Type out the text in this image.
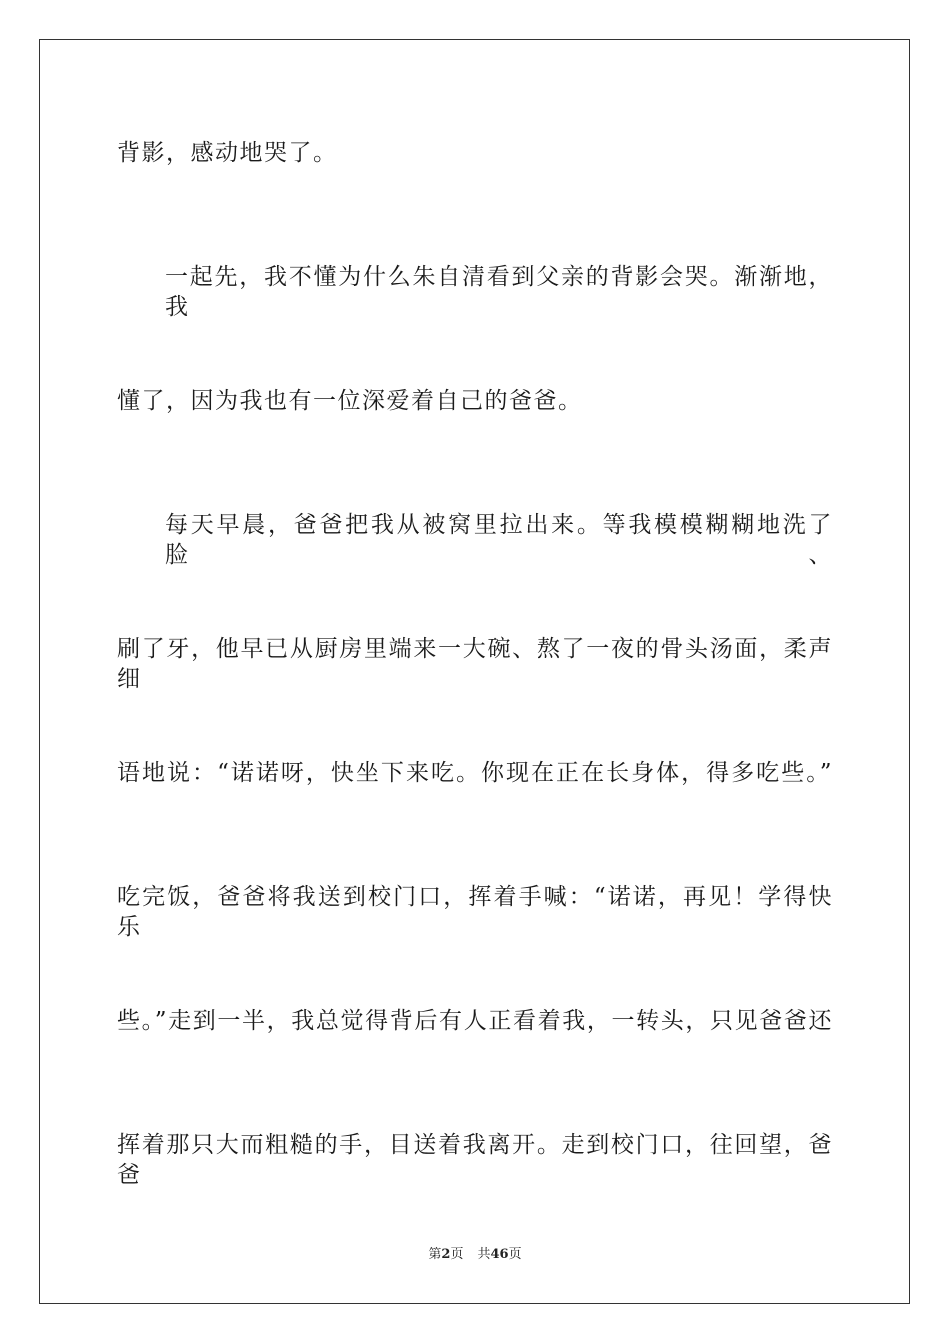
背影，感动地哭了。
一起先，我不懂为什么朱自清看到父亲的背影会哭。渐渐地，我
懂了，因为我也有一位深爱着自己的爸爸。
每天早晨，爸爸把我从被窝里拉出来。等我模模糊糊地洗了脸、
刷了牙，他早已从厨房里端来一大碗、熬了一夜的骨头汤面，柔声细
语地说：“诺诺呀，快坐下来吃。你现在正在长身体，得多吃些。”
吃完饭，爸爸将我送到校门口，挥着手喊：“诺诺，再见！学得快乐
些。”走到一半，我总觉得背后有人正看着我，一转头，只见爸爸还
挥着那只大而粗糙的手，目送着我离开。走到校门口，往回望，爸爸
第2页 共46页
